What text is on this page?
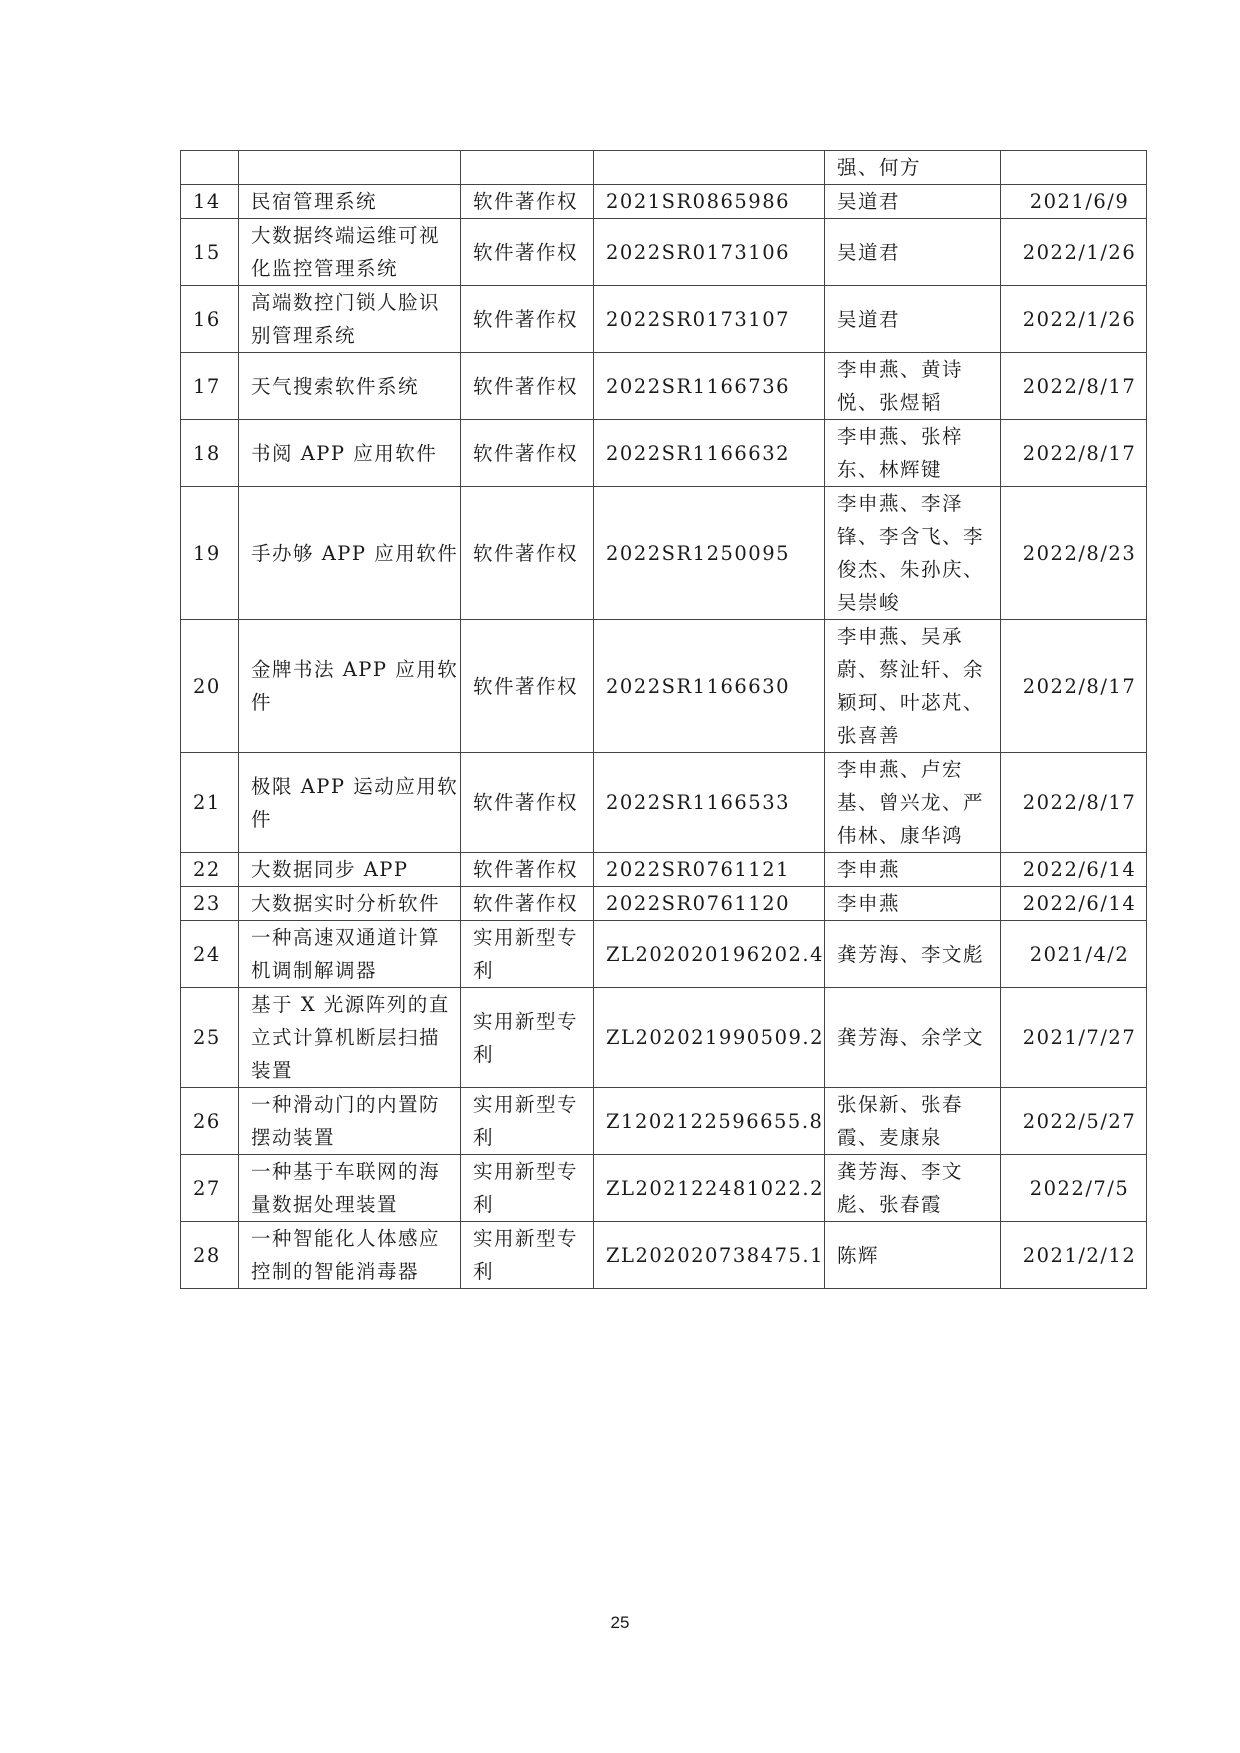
				强、何方	
14	民宿管理系统	软件著作权	2021SR0865986	吴道君	2021/6/9
15	大数据终端运维可视化监控管理系统	软件著作权	2022SR0173106	吴道君	2022/1/26
16	高端数控门锁人脸识别管理系统	软件著作权	2022SR0173107	吴道君	2022/1/26
17	天气搜索软件系统	软件著作权	2022SR1166736	李申燕、黄诗悦、张煜韬	2022/8/17
18	书阅 APP 应用软件	软件著作权	2022SR1166632	李申燕、张梓东、林辉键	2022/8/17
19	手办够 APP 应用软件	软件著作权	2022SR1250095	李申燕、李泽锋、李含飞、李俊杰、朱孙庆、吴崇峻	2022/8/23
20	金牌书法 APP 应用软件	软件著作权	2022SR1166630	李申燕、吴承蔚、蔡沚轩、余颖珂、叶苾芃、张喜善	2022/8/17
21	极限 APP 运动应用软件	软件著作权	2022SR1166533	李申燕、卢宏基、曾兴龙、严伟林、康华鸿	2022/8/17
22	大数据同步 APP	软件著作权	2022SR0761121	李申燕	2022/6/14
23	大数据实时分析软件	软件著作权	2022SR0761120	李申燕	2022/6/14
24	一种高速双通道计算机调制解调器	实用新型专利	ZL202020196202.4	龚芳海、李文彪	2021/4/2
25	基于 X 光源阵列的直立式计算机断层扫描装置	实用新型专利	ZL202021990509.2	龚芳海、余学文	2021/7/27
26	一种滑动门的内置防摆动装置	实用新型专利	Z1202122596655.8	张保新、张春霞、麦康泉	2022/5/27
27	一种基于车联网的海量数据处理装置	实用新型专利	ZL202122481022.2	龚芳海、李文彪、张春霞	2022/7/5
28	一种智能化人体感应控制的智能消毒器	实用新型专利	ZL202020738475.1	陈辉	2021/2/12
25
